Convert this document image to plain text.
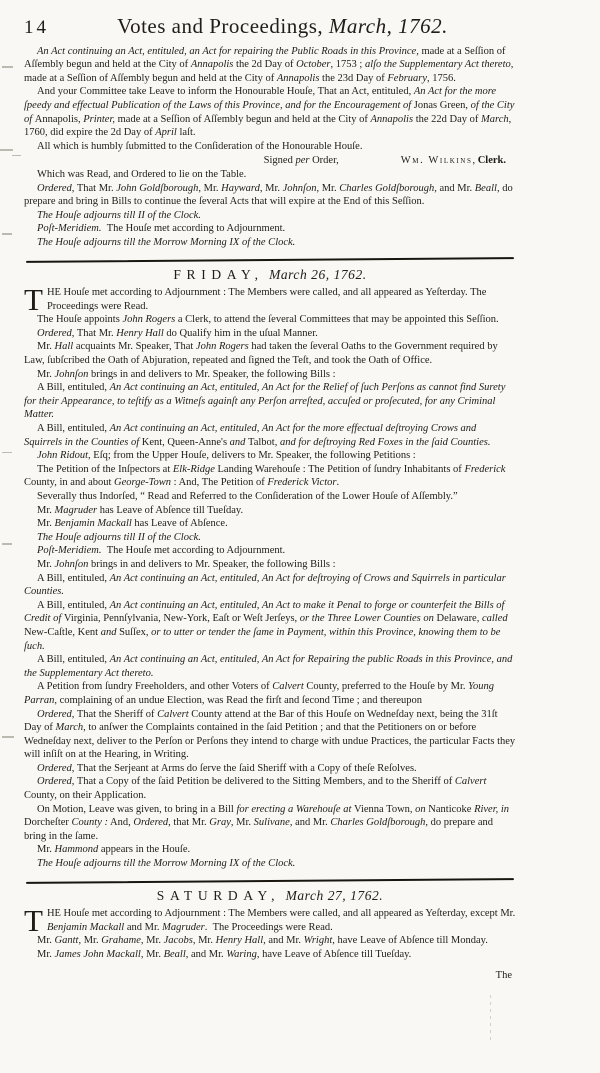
14	Votes and Proceedings, March, 1762.

An Act continuing an Act, entituled, an Act for repairing the Public Roads in this Province, made at a Seſſion of Aſſembly begun and held at the City of Annapolis the 2d Day of October, 1753 ; alſo the Supplementary Act thereto, made at a Seſſion of Aſſembly begun and held at the City of Annapolis the 23d Day of February, 1756.

And your Committee take Leave to inform the Honourable Houſe, That an Act, entituled, An Act for the more ſpeedy and effectual Publication of the Laws of this Province, and for the Encouragement of Jonas Green, of the City of Annapolis, Printer, made at a Seſſion of Aſſembly begun and held at the City of Annapolis the 22d Day of March, 1760, did expire the 2d Day of April laſt.

All which is humbly ſubmitted to the Conſideration of the Honourable Houſe.

Signed per Order,	Wm. Wilkins, Clerk.

Which was Read, and Ordered to lie on the Table.

Ordered, That Mr. John Goldſborough, Mr. Hayward, Mr. Johnſon, Mr. Charles Goldſborough, and Mr. Beall, do prepare and bring in Bills to continue the ſeveral Acts that will expire at the End of this Seſſion.

The Houſe adjourns till II of the Clock.

Poſt-Meridiem. The Houſe met according to Adjournment.

The Houſe adjourns till the Morrow Morning IX of the Clock.

FRIDAY, March 26, 1762.

THE Houſe met according to Adjournment : The Members were called, and all appeared as Yeſterday. The Proceedings were Read.

The Houſe appoints John Rogers a Clerk, to attend the ſeveral Committees that may be appointed this Seſſion.

Ordered, That Mr. Henry Hall do Qualify him in the uſual Manner.

Mr. Hall acquaints Mr. Speaker, That John Rogers had taken the ſeveral Oaths to the Government required by Law, ſubſcribed the Oath of Abjuration, repeated and ſigned the Teſt, and took the Oath of Office.

Mr. Johnſon brings in and delivers to Mr. Speaker, the following Bills :

A Bill, entituled, An Act continuing an Act, entituled, An Act for the Relief of ſuch Perſons as cannot find Surety for their Appearance, to teſtify as a Witneſs againſt any Perſon arreſted, accuſed or proſecuted, for any Criminal Matter.

A Bill, entituled, An Act continuing an Act, entituled, An Act for the more effectual deſtroying Crows and Squirrels in the Counties of Kent, Queen-Anne's and Talbot, and for deſtroying Red Foxes in the ſaid Counties.

John Ridout, Eſq; from the Upper Houſe, delivers to Mr. Speaker, the following Petitions :

The Petition of the Inſpectors at Elk-Ridge Landing Warehouſe : The Petition of ſundry Inhabitants of Frederick County, in and about George-Town : And, The Petition of Frederick Victor.

Severally thus Indorſed, “ Read and Referred to the Conſideration of the Lower Houſe of Aſſembly.”

Mr. Magruder has Leave of Abſence till Tueſday.

Mr. Benjamin Mackall has Leave of Abſence.

The Houſe adjourns till II of the Clock.

Poſt-Meridiem. The Houſe met according to Adjournment.

Mr. Johnſon brings in and delivers to Mr. Speaker, the following Bills :

A Bill, entituled, An Act continuing an Act, entituled, An Act for deſtroying of Crows and Squirrels in particular Counties.

A Bill, entituled, An Act continuing an Act, entituled, An Act to make it Penal to forge or counterfeit the Bills of Credit of Virginia, Pennſylvania, New-York, Eaſt or Weſt Jerſeys, or the Three Lower Counties on Delaware, called New-Caſtle, Kent and Suſſex, or to utter or tender the ſame in Payment, within this Province, knowing them to be ſuch.

A Bill, entituled, An Act continuing an Act, entituled, An Act for Repairing the public Roads in this Province, and the Supplementary Act thereto.

A Petition from ſundry Freeholders, and other Voters of Calvert County, preferred to the Houſe by Mr. Young Parran, complaining of an undue Election, was Read the firſt and ſecond Time ; and thereupon

Ordered, That the Sheriff of Calvert County attend at the Bar of this Houſe on Wedneſday next, being the 31ſt Day of March, to anſwer the Complaints contained in the ſaid Petition ; and that the Petitioners on or before Wedneſday next, deliver to the Perſon or Perſons they intend to charge with undue Practices, the particular Facts they will inſiſt on at the Hearing, in Writing.

Ordered, That the Serjeant at Arms do ſerve the ſaid Sheriff with a Copy of theſe Reſolves.

Ordered, That a Copy of the ſaid Petition be delivered to the Sitting Members, and to the Sheriff of Calvert County, on their Application.

On Motion, Leave was given, to bring in a Bill for erecting a Warehouſe at Vienna Town, on Nanticoke River, in Dorcheſter County : And, Ordered, that Mr. Gray, Mr. Sulivane, and Mr. Charles Goldſborough, do prepare and bring in the ſame.

Mr. Hammond appears in the Houſe.

The Houſe adjourns till the Morrow Morning IX of the Clock.

SATURDAY, March 27, 1762.

THE Houſe met according to Adjournment : The Members were called, and all appeared as Yeſterday, except Mr. Benjamin Mackall and Mr. Magruder. The Proceedings were Read.

Mr. Gantt, Mr. Grahame, Mr. Jacobs, Mr. Henry Hall, and Mr. Wright, have Leave of Abſence till Monday.

Mr. James John Mackall, Mr. Beall, and Mr. Waring, have Leave of Abſence till Tueſday.

The
